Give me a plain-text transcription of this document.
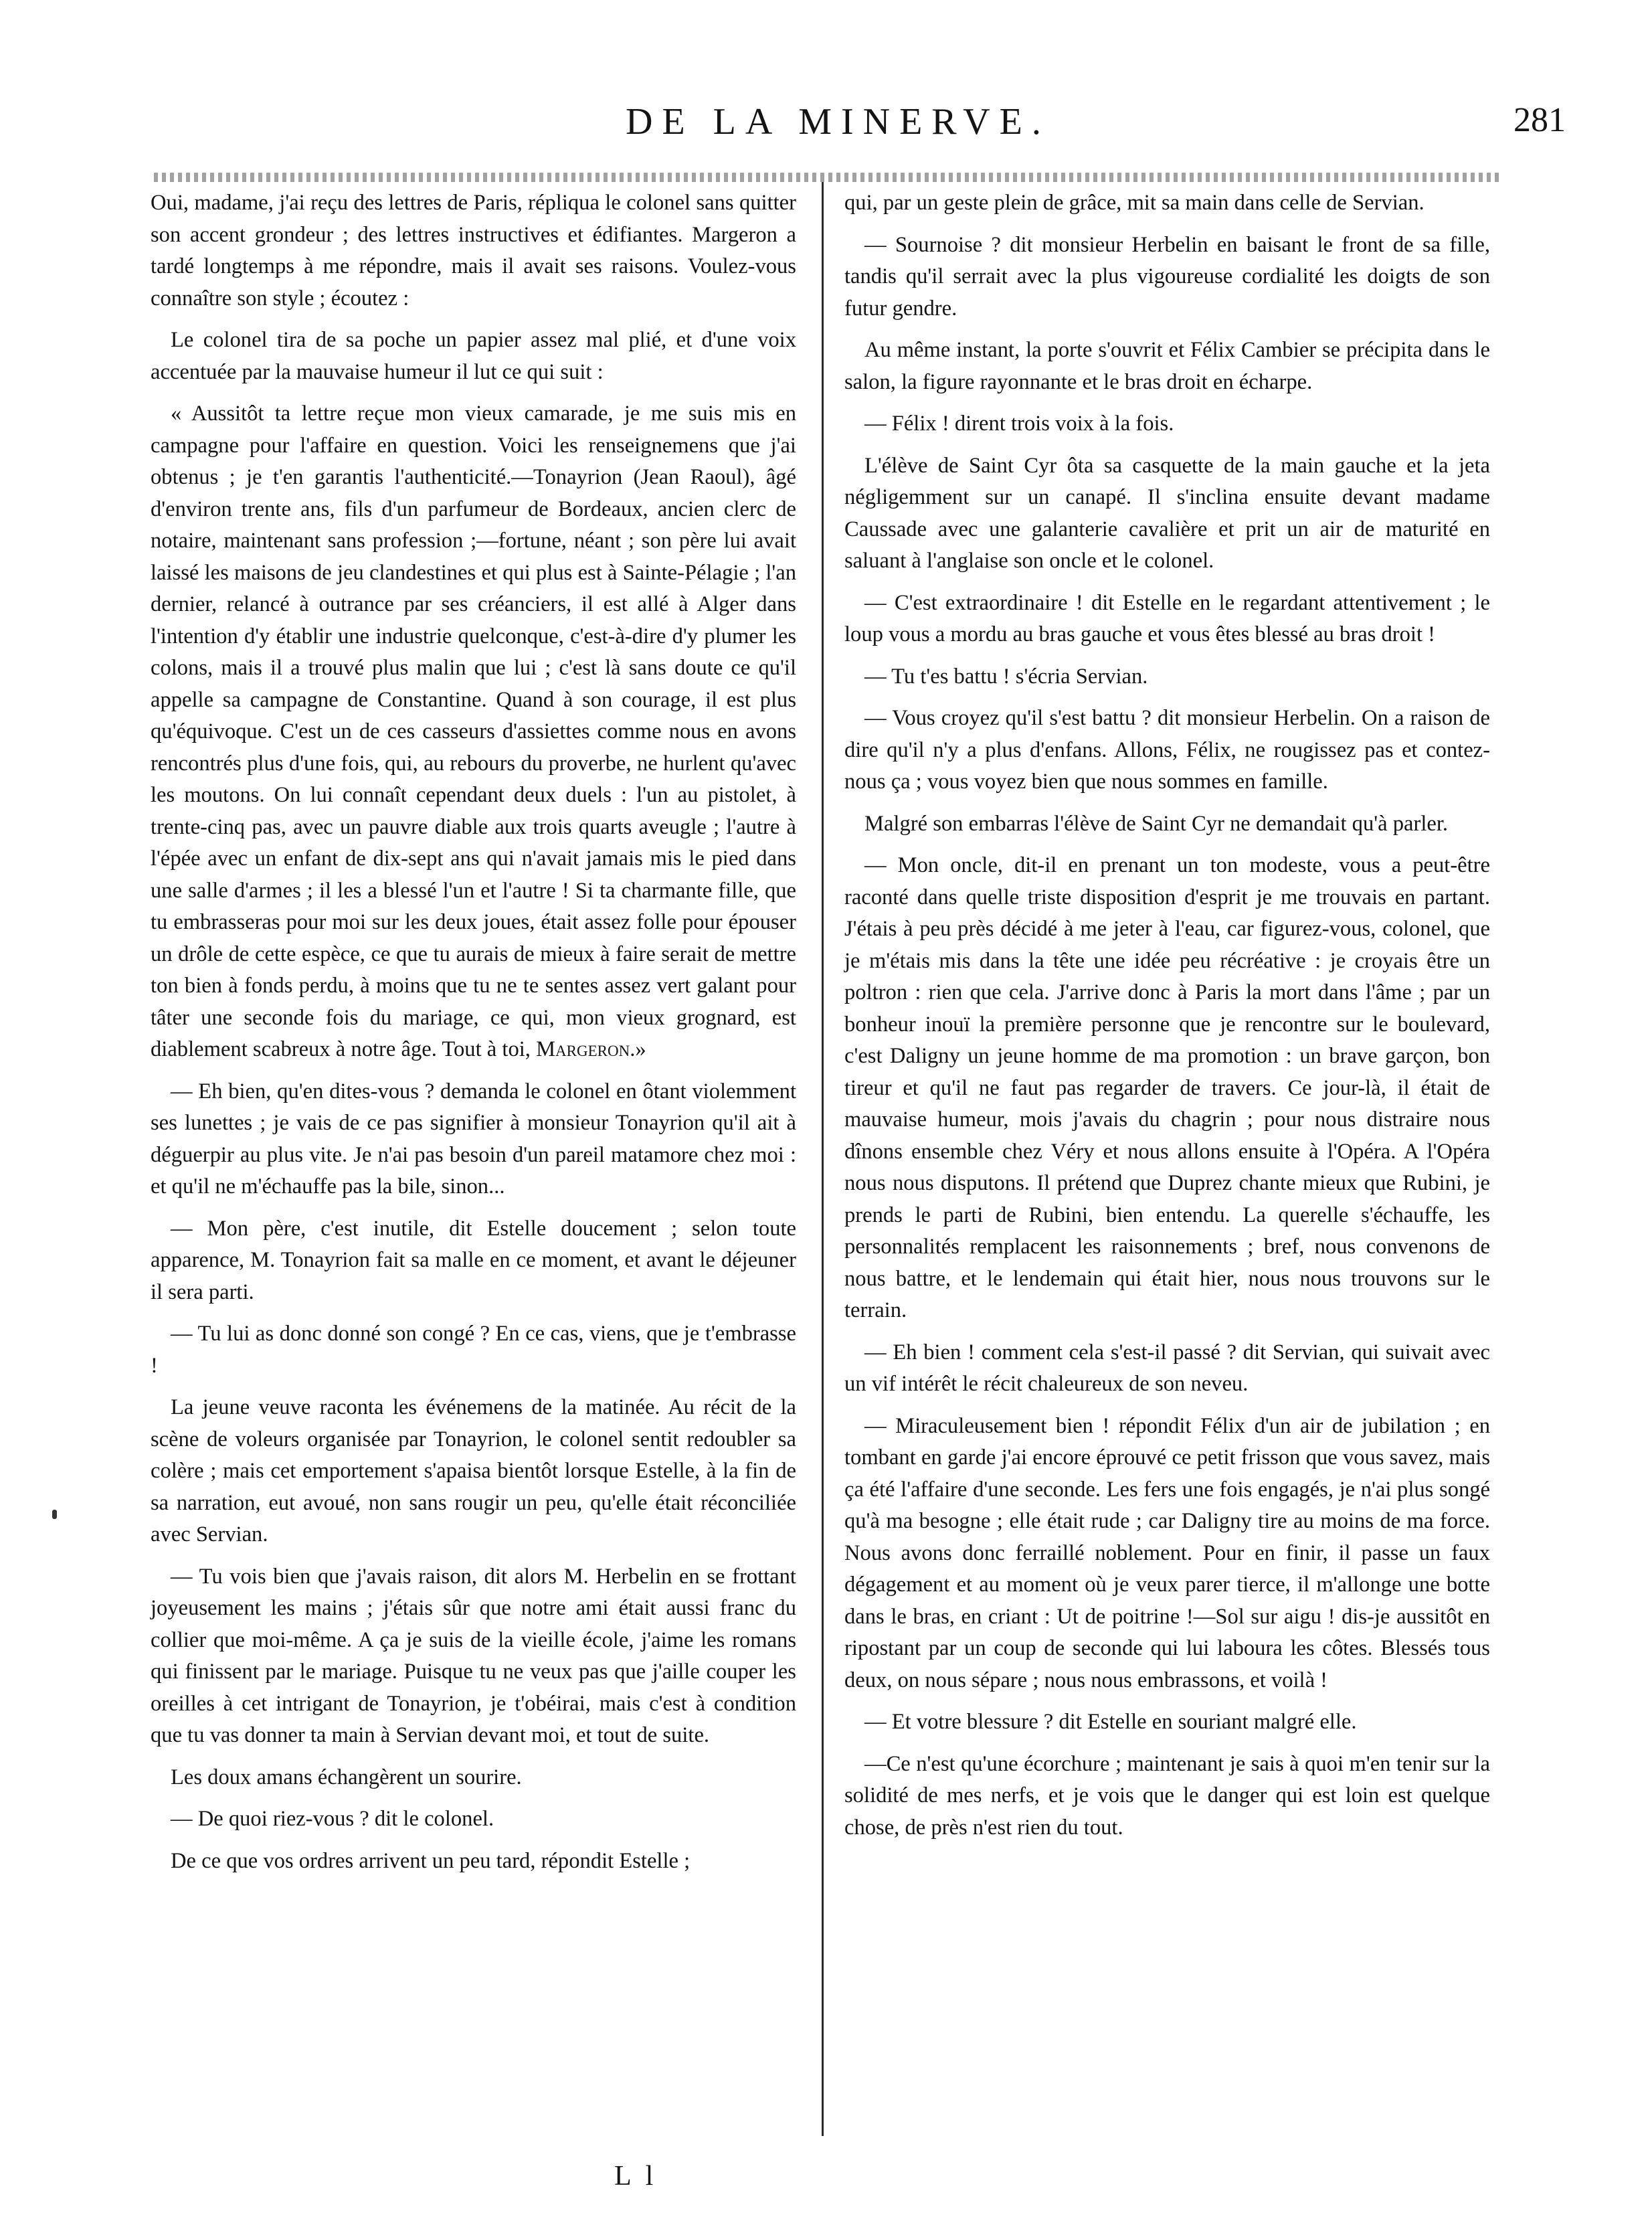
DE LA MINERVE.	281

Oui, madame, j'ai reçu des lettres de Paris, répliqua le colonel sans quitter son accent grondeur ; des lettres instructives et édifiantes. Margeron a tardé longtemps à me répondre, mais il avait ses raisons. Voulez-vous connaître son style ; écoutez :

Le colonel tira de sa poche un papier assez mal plié, et d'une voix accentuée par la mauvaise humeur il lut ce qui suit :

« Aussitôt ta lettre reçue mon vieux camarade, je me suis mis en campagne pour l'affaire en question. Voici les renseignemens que j'ai obtenus ; je t'en garantis l'authenticité.—Tonayrion (Jean Raoul), âgé d'environ trente ans, fils d'un parfumeur de Bordeaux, ancien clerc de notaire, maintenant sans profession ;—fortune, néant ; son père lui avait laissé les maisons de jeu clandestines et qui plus est à Sainte-Pélagie ; l'an dernier, relancé à outrance par ses créanciers, il est allé à Alger dans l'intention d'y établir une industrie quelconque, c'est-à-dire d'y plumer les colons, mais il a trouvé plus malin que lui ; c'est là sans doute ce qu'il appelle sa campagne de Constantine. Quand à son courage, il est plus qu'équivoque. C'est un de ces casseurs d'assiettes comme nous en avons rencontrés plus d'une fois, qui, au rebours du proverbe, ne hurlent qu'avec les moutons. On lui connaît cependant deux duels : l'un au pistolet, à trente-cinq pas, avec un pauvre diable aux trois quarts aveugle ; l'autre à l'épée avec un enfant de dix-sept ans qui n'avait jamais mis le pied dans une salle d'armes ; il les a blessé l'un et l'autre ! Si ta charmante fille, que tu embrasseras pour moi sur les deux joues, était assez folle pour épouser un drôle de cette espèce, ce que tu aurais de mieux à faire serait de mettre ton bien à fonds perdu, à moins que tu ne te sentes assez vert galant pour tâter une seconde fois du mariage, ce qui, mon vieux grognard, est diablement scabreux à notre âge. Tout à toi, Margeron.»

— Eh bien, qu'en dites-vous ? demanda le colonel en ôtant violemment ses lunettes ; je vais de ce pas signifier à monsieur Tonayrion qu'il ait à déguerpir au plus vite. Je n'ai pas besoin d'un pareil matamore chez moi : et qu'il ne m'échauffe pas la bile, sinon...

— Mon père, c'est inutile, dit Estelle doucement ; selon toute apparence, M. Tonayrion fait sa malle en ce moment, et avant le déjeuner il sera parti.

— Tu lui as donc donné son congé ? En ce cas, viens, que je t'embrasse !

La jeune veuve raconta les événemens de la matinée. Au récit de la scène de voleurs organisée par Tonayrion, le colonel sentit redoubler sa colère ; mais cet emportement s'apaisa bientôt lorsque Estelle, à la fin de sa narration, eut avoué, non sans rougir un peu, qu'elle était réconciliée avec Servian.

— Tu vois bien que j'avais raison, dit alors M. Herbelin en se frottant joyeusement les mains ; j'étais sûr que notre ami était aussi franc du collier que moi-même. A ça je suis de la vieille école, j'aime les romans qui finissent par le mariage. Puisque tu ne veux pas que j'aille couper les oreilles à cet intrigant de Tonayrion, je t'obéirai, mais c'est à condition que tu vas donner ta main à Servian devant moi, et tout de suite.

Les doux amans échangèrent un sourire.

— De quoi riez-vous ? dit le colonel.

De ce que vos ordres arrivent un peu tard, répondit Estelle ;

qui, par un geste plein de grâce, mit sa main dans celle de Servian.

— Sournoise ? dit monsieur Herbelin en baisant le front de sa fille, tandis qu'il serrait avec la plus vigoureuse cordialité les doigts de son futur gendre.

Au même instant, la porte s'ouvrit et Félix Cambier se précipita dans le salon, la figure rayonnante et le bras droit en écharpe.

— Félix ! dirent trois voix à la fois.

L'élève de Saint Cyr ôta sa casquette de la main gauche et la jeta négligemment sur un canapé. Il s'inclina ensuite devant madame Caussade avec une galanterie cavalière et prit un air de maturité en saluant à l'anglaise son oncle et le colonel.

— C'est extraordinaire ! dit Estelle en le regardant attentivement ; le loup vous a mordu au bras gauche et vous êtes blessé au bras droit !

— Tu t'es battu ! s'écria Servian.

— Vous croyez qu'il s'est battu ? dit monsieur Herbelin. On a raison de dire qu'il n'y a plus d'enfans. Allons, Félix, ne rougissez pas et contez-nous ça ; vous voyez bien que nous sommes en famille.

Malgré son embarras l'élève de Saint Cyr ne demandait qu'à parler.

— Mon oncle, dit-il en prenant un ton modeste, vous a peut-être raconté dans quelle triste disposition d'esprit je me trouvais en partant. J'étais à peu près décidé à me jeter à l'eau, car figurez-vous, colonel, que je m'étais mis dans la tête une idée peu récréative : je croyais être un poltron : rien que cela. J'arrive donc à Paris la mort dans l'âme ; par un bonheur inouï la première personne que je rencontre sur le boulevard, c'est Daligny un jeune homme de ma promotion : un brave garçon, bon tireur et qu'il ne faut pas regarder de travers. Ce jour-là, il était de mauvaise humeur, mois j'avais du chagrin ; pour nous distraire nous dînons ensemble chez Véry et nous allons ensuite à l'Opéra. A l'Opéra nous nous disputons. Il prétend que Duprez chante mieux que Rubini, je prends le parti de Rubini, bien entendu. La querelle s'échauffe, les personnalités remplacent les raisonnements ; bref, nous convenons de nous battre, et le lendemain qui était hier, nous nous trouvons sur le terrain.

— Eh bien ! comment cela s'est-il passé ? dit Servian, qui suivait avec un vif intérêt le récit chaleureux de son neveu.

— Miraculeusement bien ! répondit Félix d'un air de jubilation ; en tombant en garde j'ai encore éprouvé ce petit frisson que vous savez, mais ça été l'affaire d'une seconde. Les fers une fois engagés, je n'ai plus songé qu'à ma besogne ; elle était rude ; car Daligny tire au moins de ma force. Nous avons donc ferraillé noblement. Pour en finir, il passe un faux dégagement et au moment où je veux parer tierce, il m'allonge une botte dans le bras, en criant : Ut de poitrine !—Sol sur aigu ! dis-je aussitôt en ripostant par un coup de seconde qui lui laboura les côtes. Blessés tous deux, on nous sépare ; nous nous embrassons, et voilà !

— Et votre blessure ? dit Estelle en souriant malgré elle.

—Ce n'est qu'une écorchure ; maintenant je sais à quoi m'en tenir sur la solidité de mes nerfs, et je vois que le danger qui est loin est quelque chose, de près n'est rien du tout.

L l
